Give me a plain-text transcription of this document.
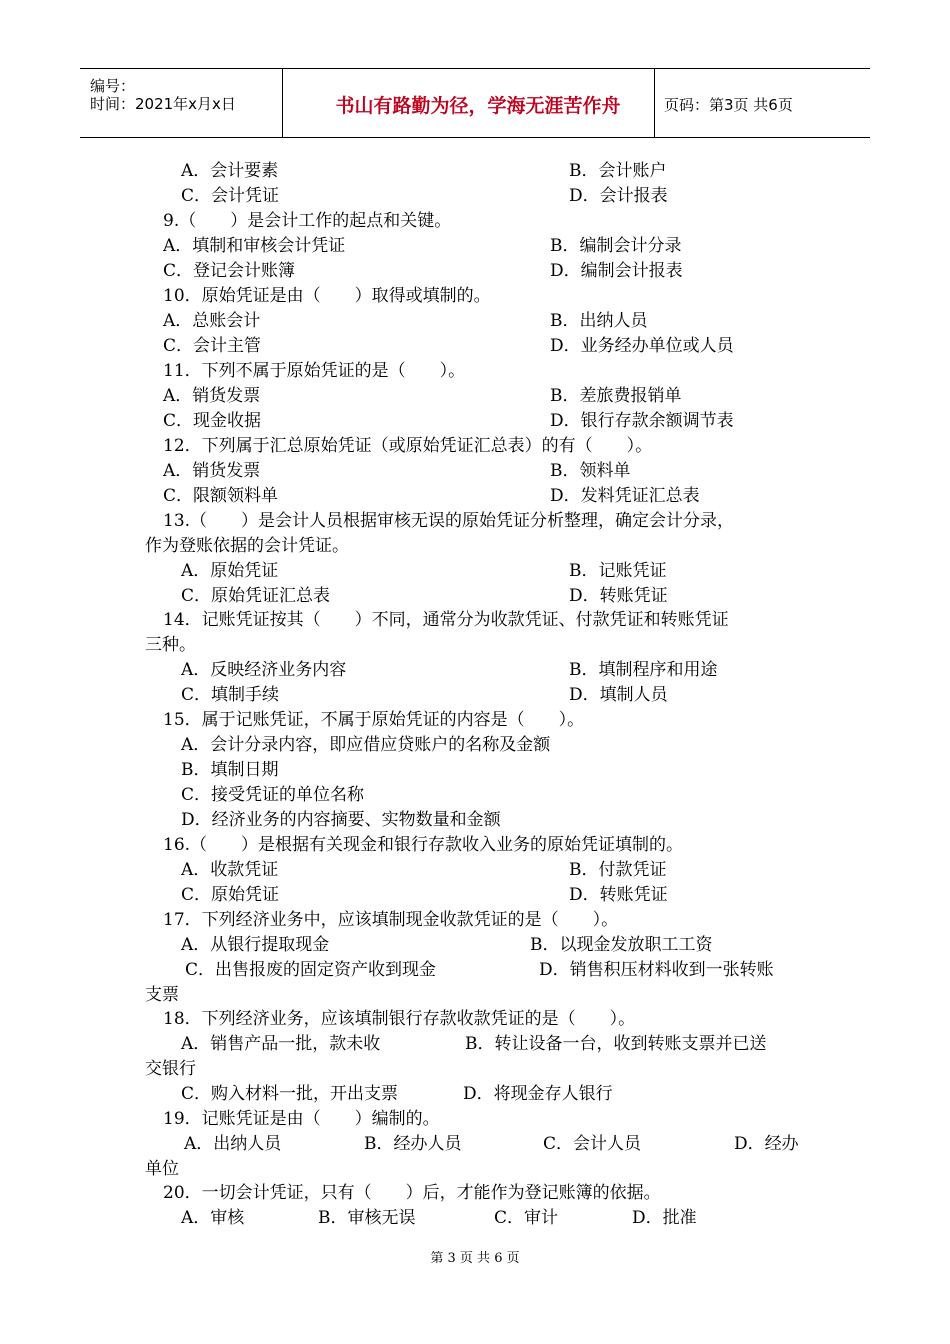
编号：
时间：2021年x月x日	书山有路勤为径，学海无涯苦作舟	页码：第3页 共6页
A．会计要素	B．会计账户
C．会计凭证	D．会计报表
9.（　　）是会计工作的起点和关键。
A．填制和审核会计凭证	B．编制会计分录
C．登记会计账簿	D．编制会计报表
10．原始凭证是由（　　）取得或填制的。
A．总账会计	B．出纳人员
C．会计主管	D．业务经办单位或人员
11．下列不属于原始凭证的是（　　）。
A．销货发票	B．差旅费报销单
C．现金收据	D．银行存款余额调节表
12．下列属于汇总原始凭证（或原始凭证汇总表）的有（　　）。
A．销货发票	B．领料单
C．限额领料单	D．发料凭证汇总表
13.（　　）是会计人员根据审核无误的原始凭证分析整理，确定会计分录，
作为登账依据的会计凭证。
A．原始凭证	B．记账凭证
C．原始凭证汇总表	D．转账凭证
14．记账凭证按其（　　）不同，通常分为收款凭证、付款凭证和转账凭证
三种。
A．反映经济业务内容	B．填制程序和用途
C．填制手续	D．填制人员
15．属于记账凭证，不属于原始凭证的内容是（　　）。
A．会计分录内容，即应借应贷账户的名称及金额
B．填制日期
C．接受凭证的单位名称
D．经济业务的内容摘要、实物数量和金额
16.（　　）是根据有关现金和银行存款收入业务的原始凭证填制的。
A．收款凭证	B．付款凭证
C．原始凭证	D．转账凭证
17．下列经济业务中，应该填制现金收款凭证的是（　　）。
A．从银行提取现金	B．以现金发放职工工资
C．出售报废的固定资产收到现金	D．销售积压材料收到一张转账
支票
18．下列经济业务，应该填制银行存款收款凭证的是（　　）。
A．销售产品一批，款未收	B．转让设备一台，收到转账支票并已送
交银行
C．购入材料一批，开出支票	D．将现金存人银行
19．记账凭证是由（　　）编制的。
A．出纳人员	B．经办人员	C．会计人员	D．经办
单位
20．一切会计凭证，只有（　　）后，才能作为登记账簿的依据。
A．审核	B．审核无误	C．审计	D．批准
第 3 页 共 6 页
